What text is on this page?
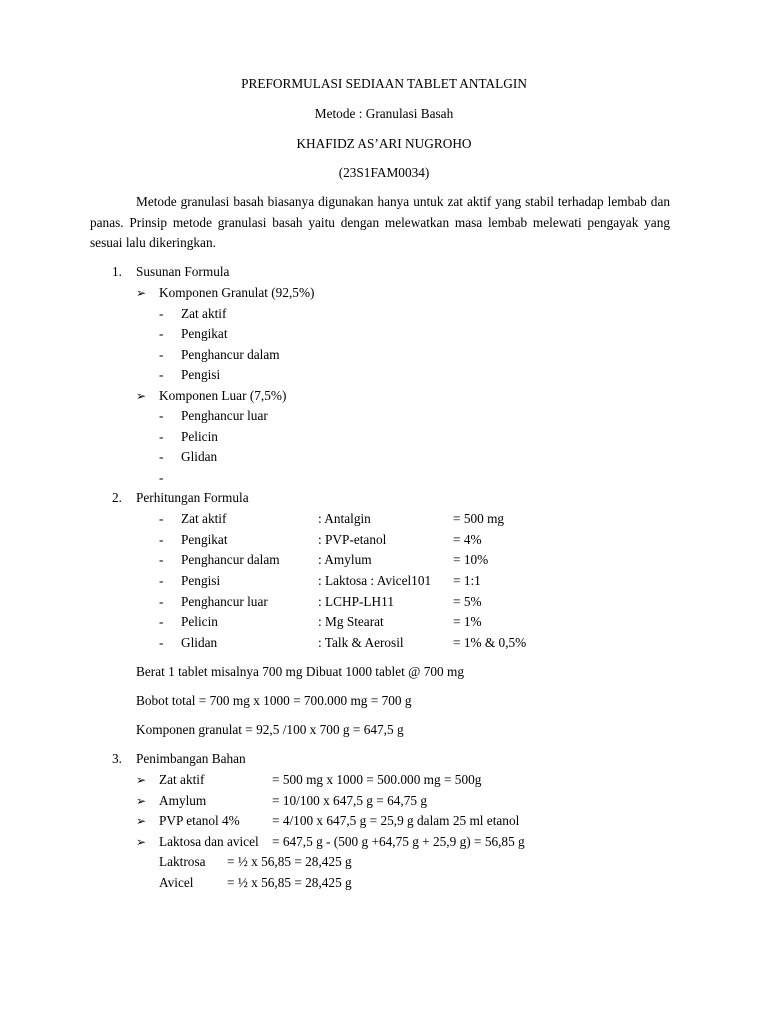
PREFORMULASI SEDIAAN TABLET ANTALGIN
Metode : Granulasi Basah
KHAFIDZ AS’ARI NUGROHO
(23S1FAM0034)
Metode granulasi basah biasanya digunakan hanya untuk zat aktif yang stabil terhadap lembab dan panas. Prinsip metode granulasi basah yaitu dengan melewatkan masa lembab melewati pengayak yang sesuai lalu dikeringkan.
1. Susunan Formula
➢ Komponen Granulat (92,5%)
- Zat aktif
- Pengikat
- Penghancur dalam
- Pengisi
➢ Komponen Luar (7,5%)
- Penghancur luar
- Pelicin
- Glidan
-
2. Perhitungan Formula
- Zat aktif	: Antalgin	= 500 mg
- Pengikat	: PVP-etanol	= 4%
- Penghancur dalam	: Amylum	= 10%
- Pengisi	: Laktosa : Avicel101 = 1:1
- Penghancur luar	: LCHP-LH11	= 5%
- Pelicin	: Mg Stearat	= 1%
- Glidan	: Talk & Aerosil	= 1% & 0,5%
Berat 1 tablet misalnya 700 mg Dibuat 1000 tablet @ 700 mg
Bobot total = 700 mg x 1000 = 700.000 mg = 700 g
Komponen granulat = 92,5 /100 x 700 g = 647,5 g
3. Penimbangan Bahan
➢ Zat aktif	= 500 mg x 1000 = 500.000 mg = 500g
➢ Amylum	= 10/100 x 647,5 g = 64,75 g
➢ PVP etanol 4% = 4/100 x 647,5 g = 25,9 g dalam 25 ml etanol
➢ Laktosa dan avicel = 647,5 g - (500 g +64,75 g + 25,9 g) = 56,85 g
Laktrosa = ½ x 56,85 = 28,425 g
Avicel	= ½ x 56,85 = 28,425 g
